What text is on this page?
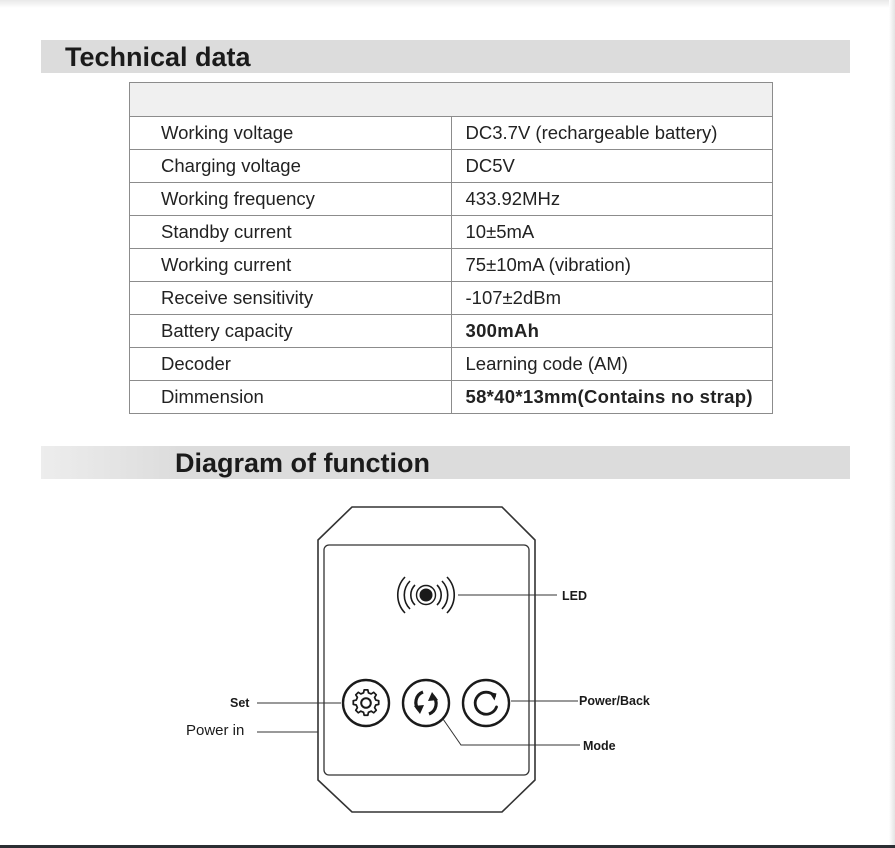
Technical data

Working voltage	DC3.7V (rechargeable battery)
Charging voltage	DC5V
Working frequency	433.92MHz
Standby current	10±5mA
Working current	75±10mA (vibration)
Receive sensitivity	-107±2dBm
Battery capacity	300mAh
Decoder	Learning code (AM)
Dimmension	58*40*13mm(Contains no strap)
Diagram of function
LED
Set
Power in
Power/Back
Mode
